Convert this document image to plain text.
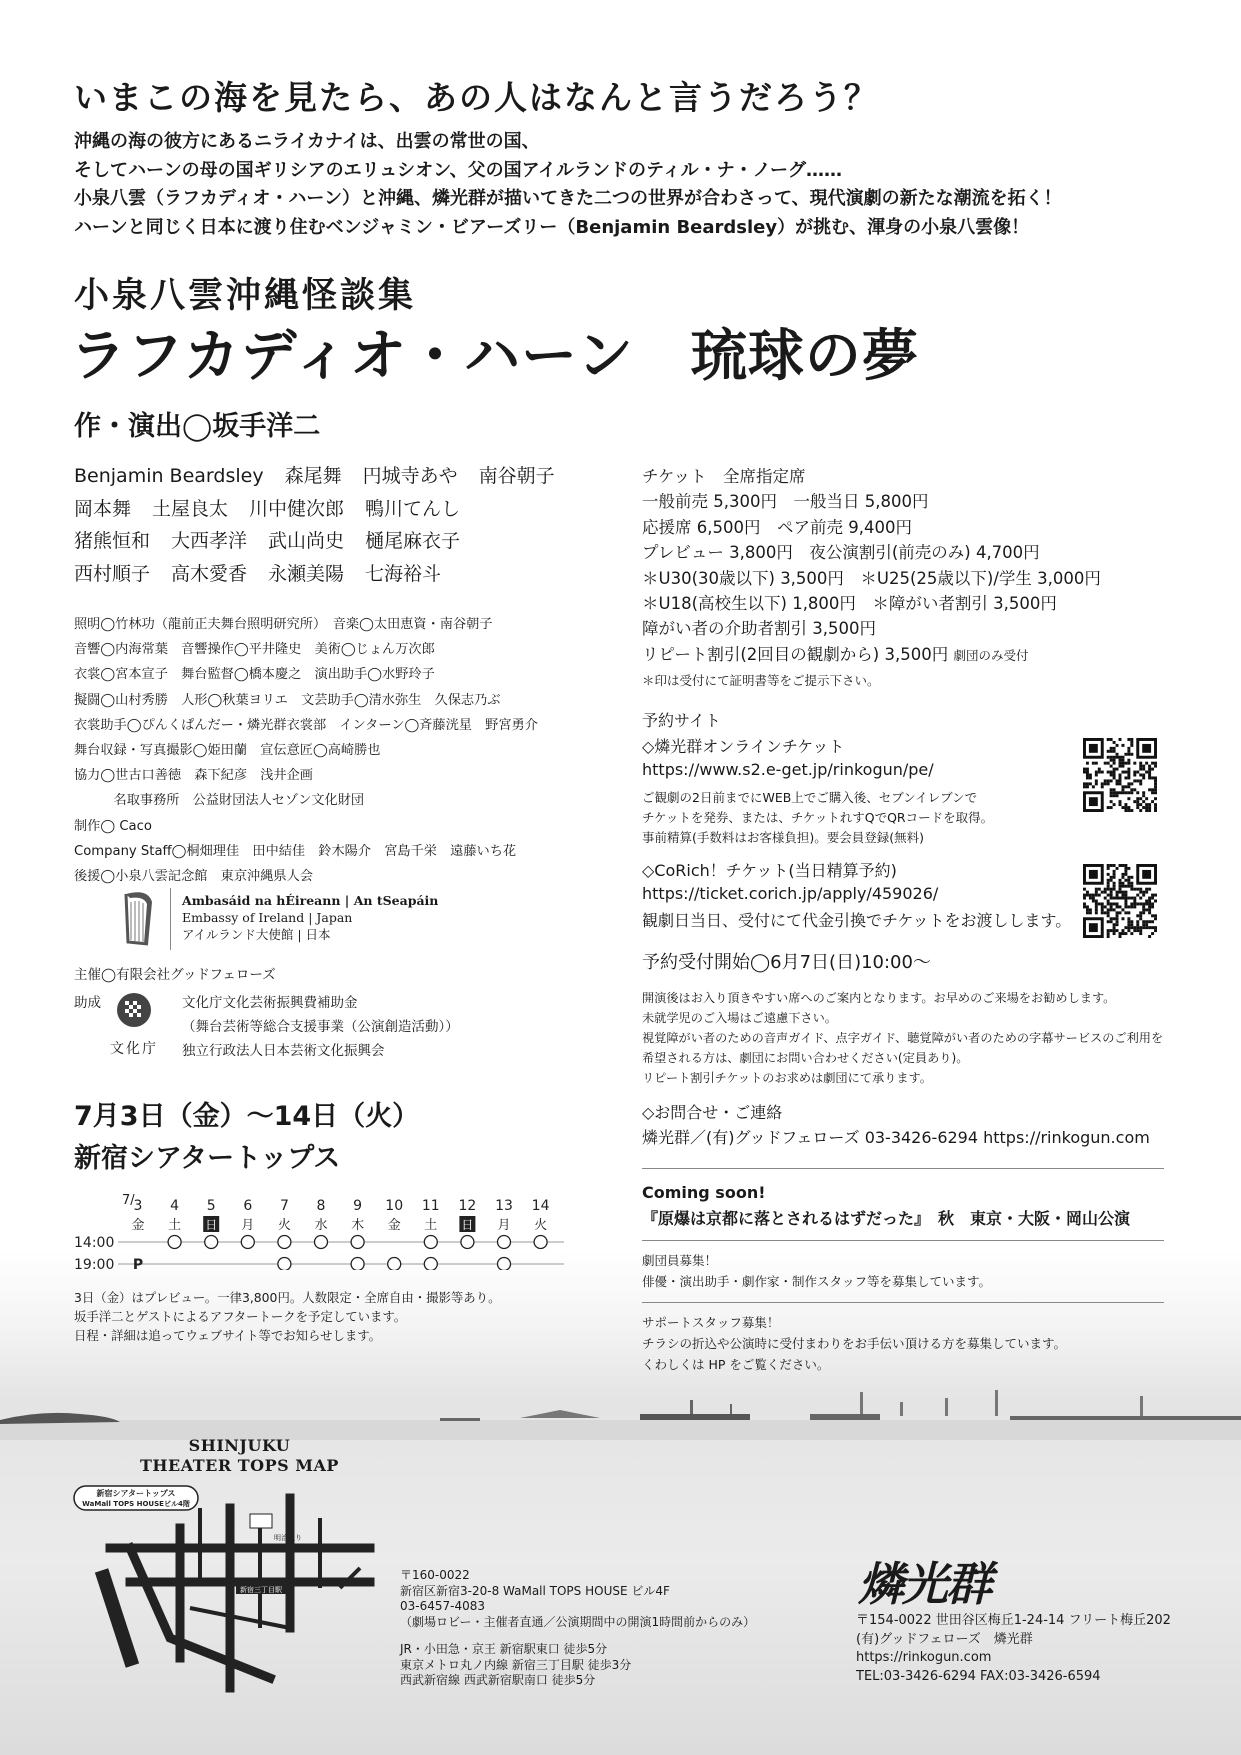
いまこの海を見たら、あの人はなんと言うだろう？
沖縄の海の彼方にあるニライカナイは、出雲の常世の国、
そしてハーンの母の国ギリシアのエリュシオン、父の国アイルランドのティル・ナ・ノーグ……
小泉八雲（ラフカディオ・ハーン）と沖縄、燐光群が描いてきた二つの世界が合わさって、現代演劇の新たな潮流を拓く！
ハーンと同じく日本に渡り住むベンジャミン・ビアーズリー（Benjamin Beardsley）が挑む、渾身の小泉八雲像！
小泉八雲沖縄怪談集
ラフカディオ・ハーン　琉球の夢
作・演出◯坂手洋二
Benjamin Beardsley 森尾舞 円城寺あや 南谷朝子
岡本舞 土屋良太 川中健次郎 鴨川てんし
猪熊恒和 大西孝洋 武山尚史 樋尾麻衣子
西村順子 高木愛香 永瀬美陽 七海裕斗
照明◯竹林功（龍前正夫舞台照明研究所）　音楽◯太田恵資・南谷朝子
音響◯内海常葉　音響操作◯平井隆史　美術◯じょん万次郎
衣裳◯宮本宣子　舞台監督◯橋本慶之　演出助手◯水野玲子
擬闘◯山村秀勝　人形◯秋葉ヨリエ　文芸助手◯清水弥生　久保志乃ぶ
衣裳助手◯ぴんくぱんだー・燐光群衣裳部　インターン◯斉藤洸星　野宮勇介
舞台収録・写真撮影◯姫田蘭　宣伝意匠◯高崎勝也
協力◯世古口善徳　森下紀彦　浅井企画
　　　名取事務所　公益財団法人セゾン文化財団
制作◯ Caco
Company Staff◯桐畑理佳　田中結佳　鈴木陽介　宮島千栄　遠藤いち花
後援◯小泉八雲記念館　東京沖縄県人会
Ambasáid na hÉireann | An tSeapáin
Embassy of Ireland | Japan
アイルランド大使館 | 日本
主催◯有限会社グッドフェローズ
助成
文化庁
文化庁文化芸術振興費補助金
（舞台芸術等総合支援事業（公演創造活動））
独立行政法人日本芸術文化振興会
7月3日（金）〜14日（火）
新宿シアタートップス
7/
14:00
19:00
3
金
P
4
土
5
日
6
月
7
火
8
水
9
木
10
金
11
土
12
日
13
月
14
火
3日（金）はプレビュー。一律3,800円。人数限定・全席自由・撮影等あり。
坂手洋二とゲストによるアフタートークを予定しています。
日程・詳細は追ってウェブサイト等でお知らせします。
チケット　全席指定席
一般前売 5,300円　一般当日 5,800円
応援席 6,500円　ペア前売 9,400円
プレビュー 3,800円　夜公演割引(前売のみ) 4,700円
＊U30(30歳以下) 3,500円　＊U25(25歳以下)/学生 3,000円
＊U18(高校生以下) 1,800円　＊障がい者割引 3,500円
障がい者の介助者割引 3,500円
リピート割引(2回目の観劇から) 3,500円 劇団のみ受付
＊印は受付にて証明書等をご提示下さい。
予約サイト
◇燐光群オンラインチケット
https://www.s2.e-get.jp/rinkogun/pe/
ご観劇の2日前までにWEB上でご購入後、セブンイレブンで
チケットを発券、または、チケットれすQでQRコードを取得。
事前精算(手数料はお客様負担)。要会員登録(無料)
◇CoRich！チケット(当日精算予約)
https://ticket.corich.jp/apply/459026/
観劇日当日、受付にて代金引換でチケットをお渡しします。
予約受付開始◯6月7日(日)10:00〜
開演後はお入り頂きやすい席へのご案内となります。お早めのご来場をお勧めします。
未就学児のご入場はご遠慮下さい。
視覚障がい者のための音声ガイド、点字ガイド、聴覚障がい者のための字幕サービスのご利用を
希望される方は、劇団にお問い合わせください(定員あり)。
リピート割引チケットのお求めは劇団にて承ります。
◇お問合せ・ご連絡
燐光群／(有)グッドフェローズ 03-3426-6294 https://rinkogun.com
Coming soon!
『原爆は京都に落とされるはずだった』　秋　東京・大阪・岡山公演
劇団員募集！
俳優・演出助手・劇作家・制作スタッフ等を募集しています。
サポートスタッフ募集！
チラシの折込や公演時に受付まわりをお手伝い頂ける方を募集しています。
くわしくは HP をご覧ください。
SHINJUKU
THEATER TOPS MAP
新宿シアタートップス
WaMall TOPS HOUSEビル4階
明治通り
新宿三丁目駅
〒160-0022
新宿区新宿3-20-8 WaMall TOPS HOUSE ビル4F
03-6457-4083
（劇場ロビー・主催者直通／公演期間中の開演1時間前からのみ）
JR・小田急・京王 新宿駅東口 徒歩5分
東京メトロ丸ノ内線 新宿三丁目駅 徒歩3分
西武新宿線 西武新宿駅南口 徒歩5分
燐光群
〒154-0022 世田谷区梅丘1-24-14 フリート梅丘202
(有)グッドフェローズ　燐光群
https://rinkogun.com
TEL:03-3426-6294 FAX:03-3426-6594
